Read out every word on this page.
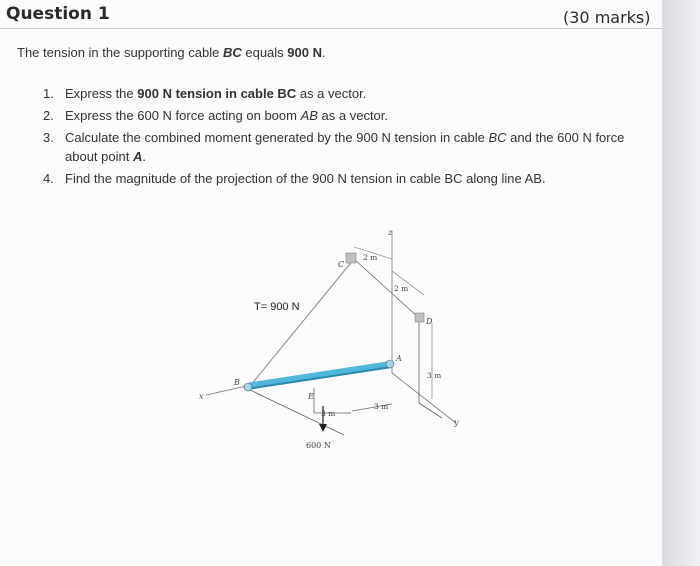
Question 1	(30 marks)
The tension in the supporting cable BC equals 900 N.
1. Express the 900 N tension in cable BC as a vector.
2. Express the 600 N force acting on boom AB as a vector.
3. Calculate the combined moment generated by the 900 N tension in cable BC and the 600 N force about point A.
4. Find the magnitude of the projection of the 900 N tension in cable BC along line AB.
x
z
y
T= 900 N
600 N
C
D
A
B
E
2 m
2 m
3 m
3 m
3 m
